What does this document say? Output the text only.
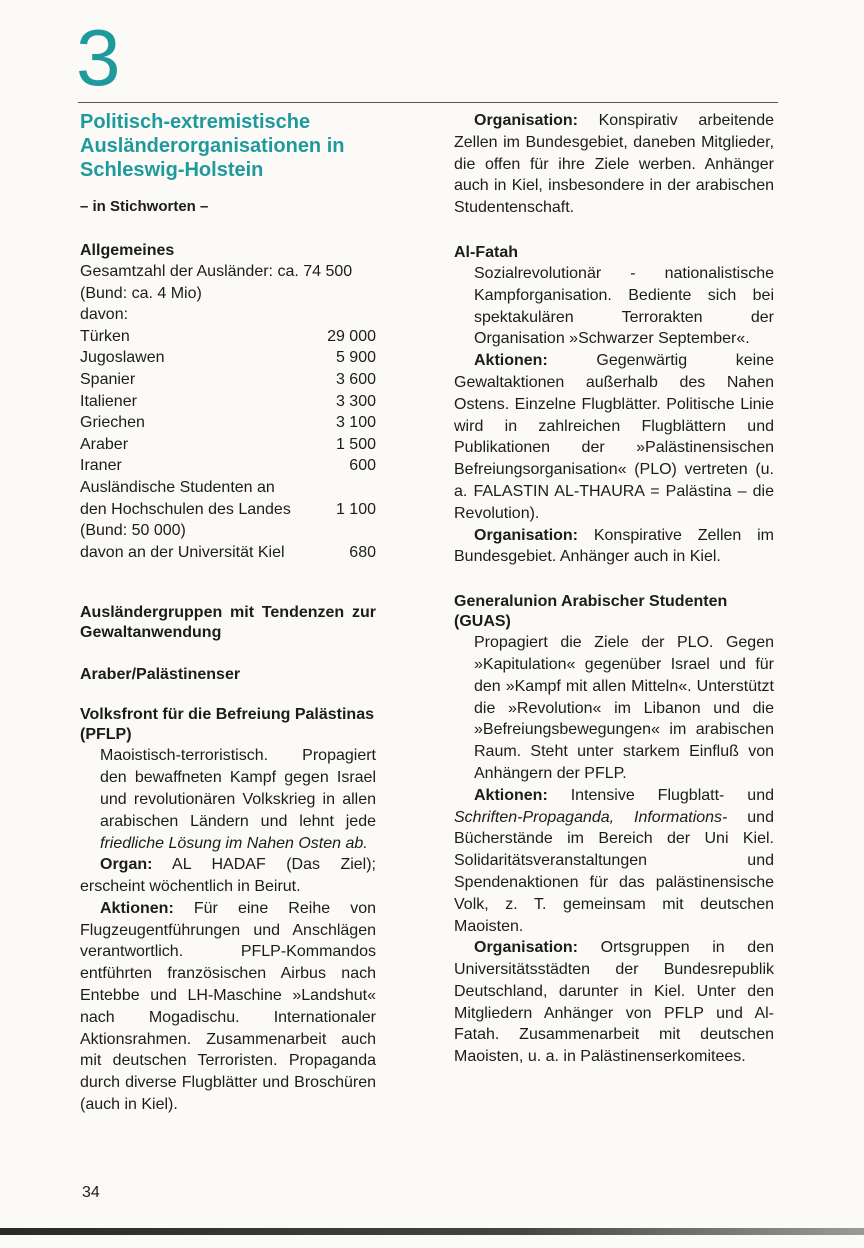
3
Politisch-extremistische Ausländerorganisationen in Schleswig-Holstein
– in Stichworten –
Allgemeines
Gesamtzahl der Ausländer: ca. 74 500
(Bund: ca. 4 Mio)
davon:
Türken	29 000
Jugoslawen	5 900
Spanier	3 600
Italiener	3 300
Griechen	3 100
Araber	1 500
Iraner	600
Ausländische Studenten an
den Hochschulen des Landes	1 100
(Bund: 50 000)
davon an der Universität Kiel	680
Ausländergruppen mit Tendenzen zur Gewaltanwendung
Araber/Palästinenser
Volksfront für die Befreiung Palästinas (PFLP)

Maoistisch-terroristisch. Propagiert den bewaffneten Kampf gegen Israel und revolutionären Volkskrieg in allen arabischen Ländern und lehnt jede friedliche Lösung im Nahen Osten ab.

Organ: AL HADAF (Das Ziel); erscheint wöchentlich in Beirut.

Aktionen: Für eine Reihe von Flugzeugentführungen und Anschlägen verantwortlich. PFLP-Kommandos entführten französischen Airbus nach Entebbe und LH-Maschine »Landshut« nach Mogadischu. Internationaler Aktionsrahmen. Zusammenarbeit auch mit deutschen Terroristen. Propaganda durch diverse Flugblätter und Broschüren (auch in Kiel).

Organisation: Konspirativ arbeitende Zellen im Bundesgebiet, daneben Mitglieder, die offen für ihre Ziele werben. Anhänger auch in Kiel, insbesondere in der arabischen Studentenschaft.

Al-Fatah

Sozialrevolutionär - nationalistische Kampforganisation. Bediente sich bei spektakulären Terrorakten der Organisation »Schwarzer September«.

Aktionen:	Gegenwärtig keine Gewaltaktionen außerhalb des Nahen Ostens. Einzelne Flugblätter. Politische Linie wird in zahlreichen Flugblättern und Publikationen der »Palästinensischen Befreiungsorganisation« (PLO) vertreten (u. a. FALASTIN AL-THAURA = Palästina – die Revolution).

Organisation: Konspirative Zellen im Bundesgebiet. Anhänger auch in Kiel.

Generalunion Arabischer Studenten (GUAS)

Propagiert die Ziele der PLO. Gegen »Kapitulation« gegenüber Israel und für den »Kampf mit allen Mitteln«. Unterstützt die »Revolution« im Libanon und die »Befreiungsbewegungen« im arabischen Raum. Steht unter starkem Einfluß von Anhängern der PFLP.

Aktionen: Intensive Flugblatt- und Schriften-Propaganda, Informations- und Bücherstände im Bereich der Uni Kiel. Solidaritätsveranstaltungen und Spendenaktionen für das palästinensische Volk, z. T. gemeinsam mit deutschen Maoisten.

Organisation: Ortsgruppen in den Universitätsstädten der Bundesrepublik Deutschland, darunter in Kiel. Unter den Mitgliedern Anhänger von PFLP und Al-Fatah. Zusammenarbeit mit deutschen Maoisten, u. a. in Palästinenserkomitees.

34
